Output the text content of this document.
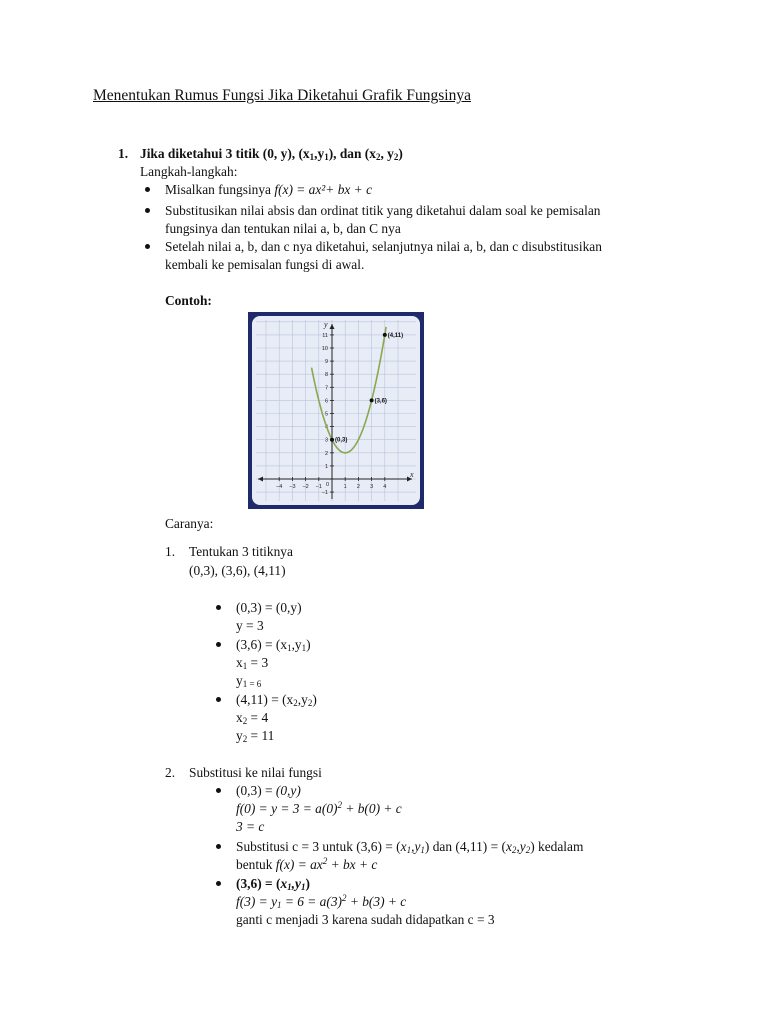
Menentukan Rumus Fungsi Jika Diketahui Grafik Fungsinya
1. Jika diketahui 3 titik (0, y), $(x_1,y_1)$, dan ($x_2$, $y_2$)
Langkah-langkah:
Misalkan fungsinya f(x) = ax²+ bx + c
Substitusikan nilai absis dan ordinat titik yang diketahui dalam soal ke pemisalan
fungsinya dan tentukan nilai a, b, dan C nya
Setelah nilai a, b, dan c nya diketahui, selanjutnya nilai a, b, dan c disubstitusikan
kembali ke pemisalan fungsi di awal.
Contoh:
x
y
−4 −3 −2 −1	1 2 3 4
0
−1
1
2
3
4
5
6
7
8
9
10
11
(0,3)
(3,6)
(4,11)
Caranya:
1. Tentukan 3 titiknya
(0,3), (3,6), (4,11)
(0,3) = (0,y)
y = 3
$(3,6) = (x_1,y_1)$
$x_1 = 3$
$y_{1 = 6}$
$(4,11) = (x_2,y_2)$
$x_2 = 4$
$y_2 = 11$
2. Substitusi ke nilai fungsi
(0,3) = (0,y)
$f(0) = y = 3 = a(0)^2 + b(0) + c$
3 = c
Substitusi c = 3 untuk $(3,6) = (x_1,y_1)$ dan $(4,11) = (x_2,y_2)$ kedalam
bentuk $f(x) = ax^2$ + bx + c
$(3,6) = (x_1,y_1)$
$f(3) = y_1 = 6 = a(3)^2 + b(3) + c$
ganti c menjadi 3 karena sudah didapatkan c = 3
